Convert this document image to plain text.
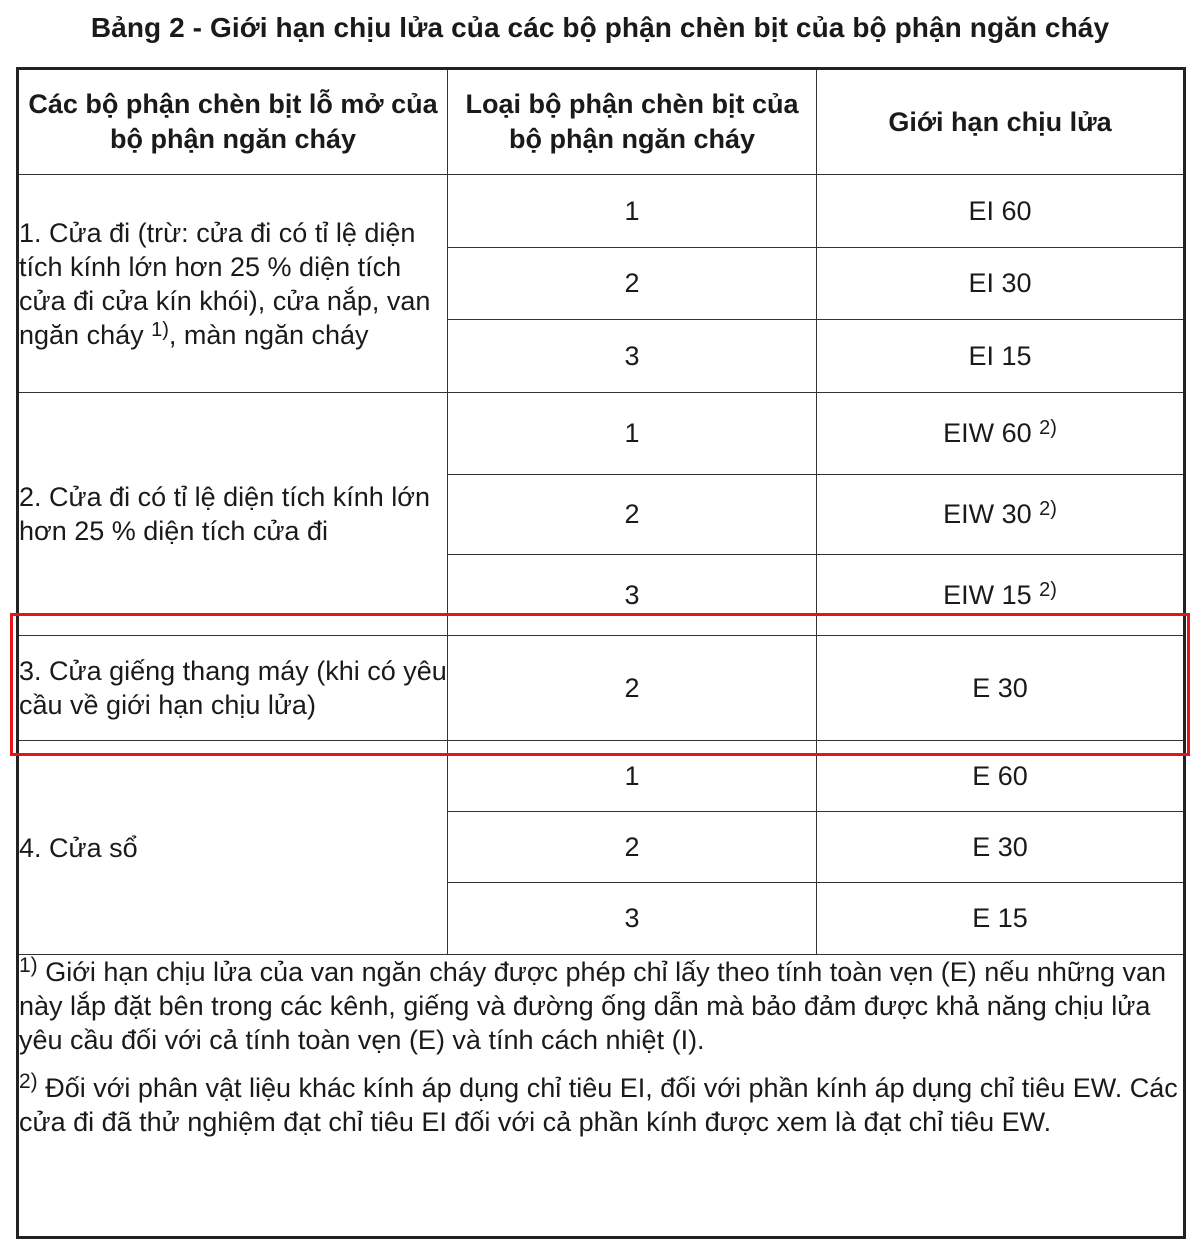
Bảng 2 - Giới hạn chịu lửa của các bộ phận chèn bịt của bộ phận ngăn cháy
Các bộ phận chèn bịt lỗ mở của bộ phận ngăn cháy	Loại bộ phận chèn bịt của bộ phận ngăn cháy	Giới hạn chịu lửa
1. Cửa đi (trừ: cửa đi có tỉ lệ diện tích kính lớn hơn 25 % diện tích cửa đi cửa kín khói), cửa nắp, van ngăn cháy $^{1)}$, màn ngăn cháy	1	EI 60
	2	EI 30
	3	EI 15
2. Cửa đi có tỉ lệ diện tích kính lớn hơn 25 % diện tích cửa đi	1	EIW 60 $^{2)}$
	2	EIW 30 $^{2)}$
	3	EIW 15 $^{2)}$
3. Cửa giếng thang máy (khi có yêu cầu về giới hạn chịu lửa)	2	E 30
4. Cửa sổ	1	E 60
	2	E 30
	3	E 15

$^{1)}$ Giới hạn chịu lửa của van ngăn cháy được phép chỉ lấy theo tính toàn vẹn (E) nếu những van này lắp đặt bên trong các kênh, giếng và đường ống dẫn mà bảo đảm được khả năng chịu lửa yêu cầu đối với cả tính toàn vẹn (E) và tính cách nhiệt (I).
$^{2)}$ Đối với phân vật liệu khác kính áp dụng chỉ tiêu EI, đối với phần kính áp dụng chỉ tiêu EW. Các cửa đi đã thử nghiệm đạt chỉ tiêu EI đối với cả phần kính được xem là đạt chỉ tiêu EW.		
